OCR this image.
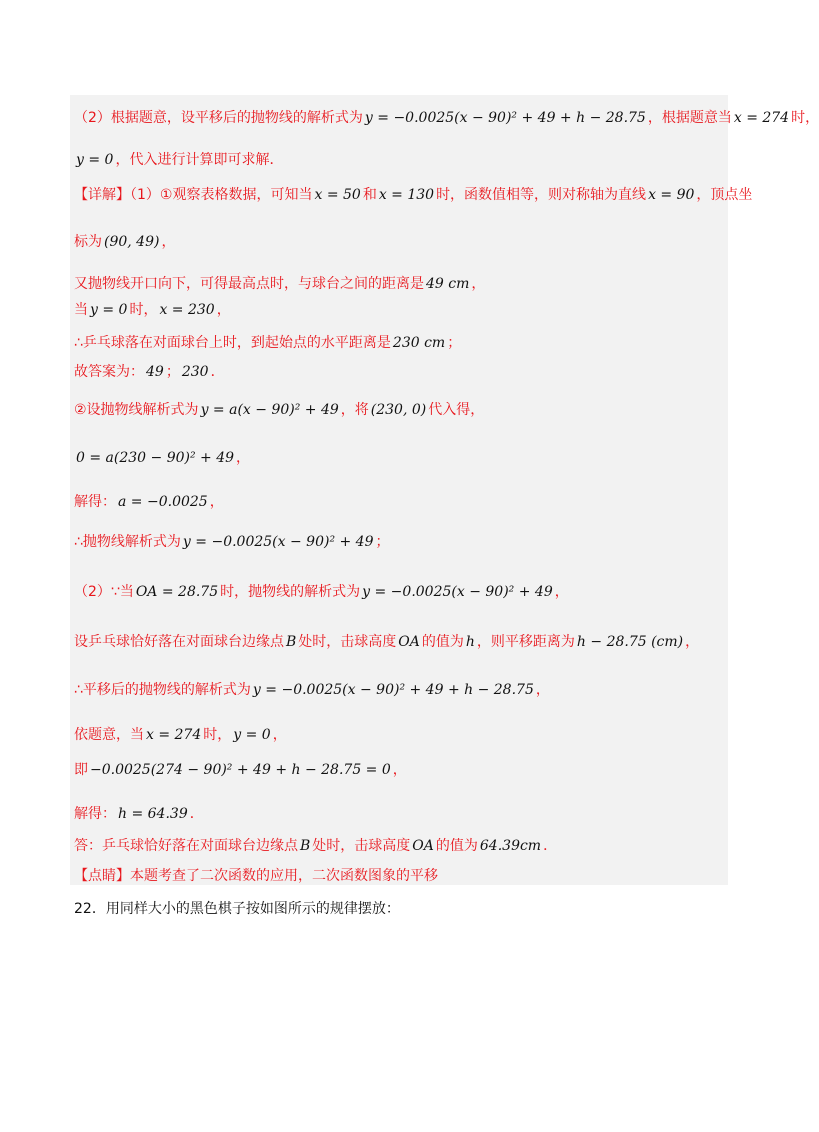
（2）根据题意，设平移后的抛物线的解析式为 y = −0.0025(x − 90)² + 49 + h − 28.75 ，根据题意当 x = 274 时，
y = 0 ，代入进行计算即可求解．
【详解】（1）①观察表格数据，可知当 x = 50 和 x = 130 时，函数值相等，则对称轴为直线 x = 90 ，顶点坐
标为 (90, 49) ，
又抛物线开口向下，可得最高点时，与球台之间的距离是 49 cm ，
当 y = 0 时， x = 230 ，
∴乒乓球落在对面球台上时，到起始点的水平距离是 230 cm ；
故答案为： 49 ； 230 ．
②设抛物线解析式为 y = a(x − 90)² + 49 ，将 (230, 0) 代入得，
0 = a(230 − 90)² + 49 ，
解得： a = −0.0025 ，
∴抛物线解析式为 y = −0.0025(x − 90)² + 49 ；
（2）∵当 OA = 28.75 时，抛物线的解析式为 y = −0.0025(x − 90)² + 49 ，
设乒乓球恰好落在对面球台边缘点 B 处时，击球高度 OA 的值为 h ，则平移距离为 h − 28.75 (cm) ，
∴平移后的抛物线的解析式为 y = −0.0025(x − 90)² + 49 + h − 28.75 ，
依题意，当 x = 274 时， y = 0 ，
即 −0.0025(274 − 90)² + 49 + h − 28.75 = 0 ，
解得： h = 64.39 ．
答：乒乓球恰好落在对面球台边缘点 B 处时，击球高度 OA 的值为 64.39cm ．
【点睛】本题考查了二次函数的应用，二次函数图象的平移
22．用同样大小的黑色棋子按如图所示的规律摆放：
